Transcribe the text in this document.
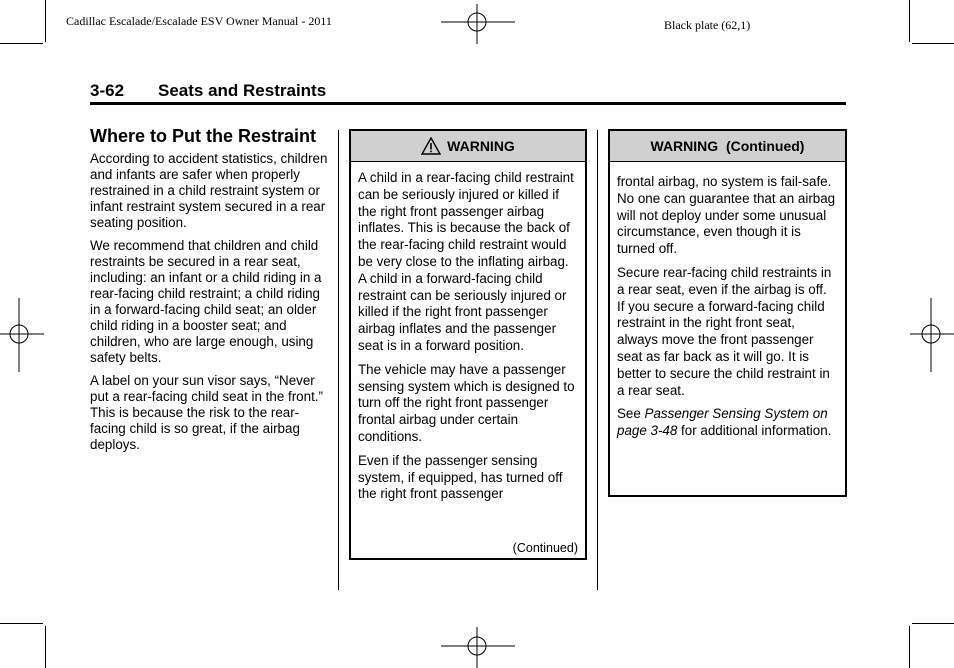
Cadillac Escalade/Escalade ESV Owner Manual - 2011	Black plate (62,1)
3-62 Seats and Restraints
Where to Put the Restraint

According to accident statistics, children and infants are safer when properly restrained in a child restraint system or infant restraint system secured in a rear seating position.

We recommend that children and child restraints be secured in a rear seat, including: an infant or a child riding in a rear-facing child restraint; a child riding in a forward-facing child seat; an older child riding in a booster seat; and children, who are large enough, using safety belts.

A label on your sun visor says, “Never put a rear-facing child seat in the front.” This is because the risk to the rear-facing child is so great, if the airbag deploys.

WARNING

A child in a rear-facing child restraint can be seriously injured or killed if the right front passenger airbag inflates. This is because the back of the rear-facing child restraint would be very close to the inflating airbag. A child in a forward-facing child restraint can be seriously injured or killed if the right front passenger airbag inflates and the passenger seat is in a forward position.

The vehicle may have a passenger sensing system which is designed to turn off the right front passenger frontal airbag under certain conditions.

Even if the passenger sensing system, if equipped, has turned off the right front passenger

(Continued)
WARNING  (Continued)

frontal airbag, no system is fail-safe. No one can guarantee that an airbag will not deploy under some unusual circumstance, even though it is turned off.

Secure rear-facing child restraints in a rear seat, even if the airbag is off. If you secure a forward-facing child restraint in the right front seat, always move the front passenger seat as far back as it will go. It is better to secure the child restraint in a rear seat.

See Passenger Sensing System on page 3-48 for additional information.
